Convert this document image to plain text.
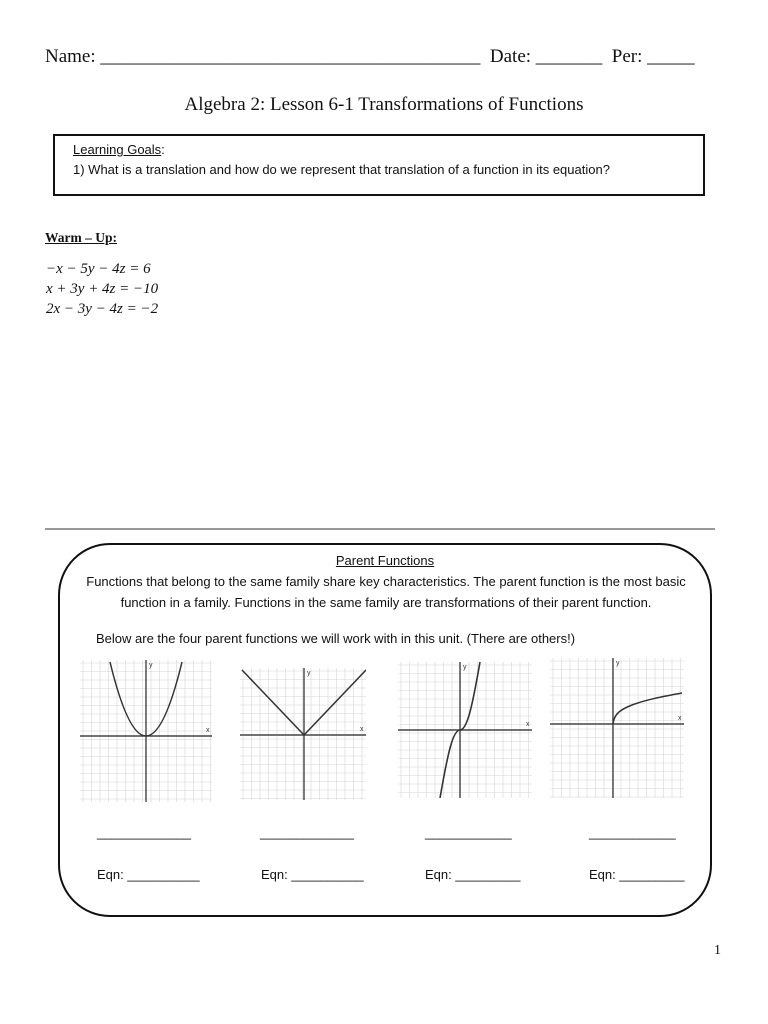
Name: ________________________________________  Date: _______  Per: _____
Algebra 2: Lesson 6-1 Transformations of Functions
Learning Goals:
1) What is a translation and how do we represent that translation of a function in its equation?
Warm – Up:
−x − 5y − 4z = 6
x + 3y + 4z = −10
2x − 3y − 4z = −2
Parent Functions
Functions that belong to the same family share key characteristics. The parent function is the most basic function in a family. Functions in the same family are transformations of their parent function.
Below are the four parent functions we will work with in this unit. (There are others!)
x
y
x
y
x
y
x
y
_____________	_____________	____________	____________
Eqn: __________	Eqn: __________	Eqn: _________	Eqn: _________
1
